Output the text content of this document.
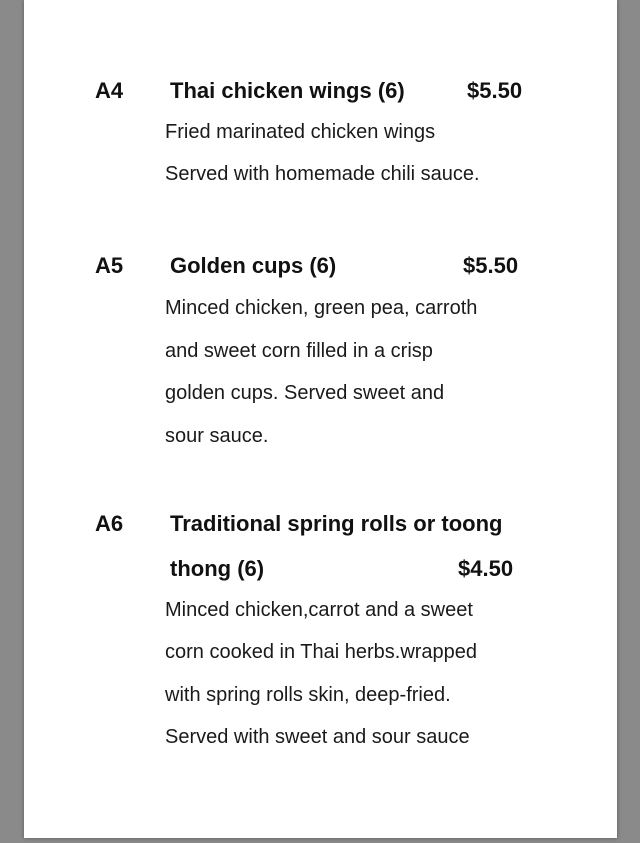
A4 Thai chicken wings (6)	$5.50
Fried marinated chicken wings
Served with homemade chili sauce.
A5 Golden cups (6)	$5.50
Minced chicken, green pea, carroth
and sweet corn filled in a crisp
golden cups. Served sweet and
sour sauce.
A6 Traditional spring rolls or toong
thong (6)	$4.50
Minced chicken,carrot and a sweet
corn cooked in Thai herbs.wrapped
with spring rolls skin, deep-fried.
Served with sweet and sour sauce
